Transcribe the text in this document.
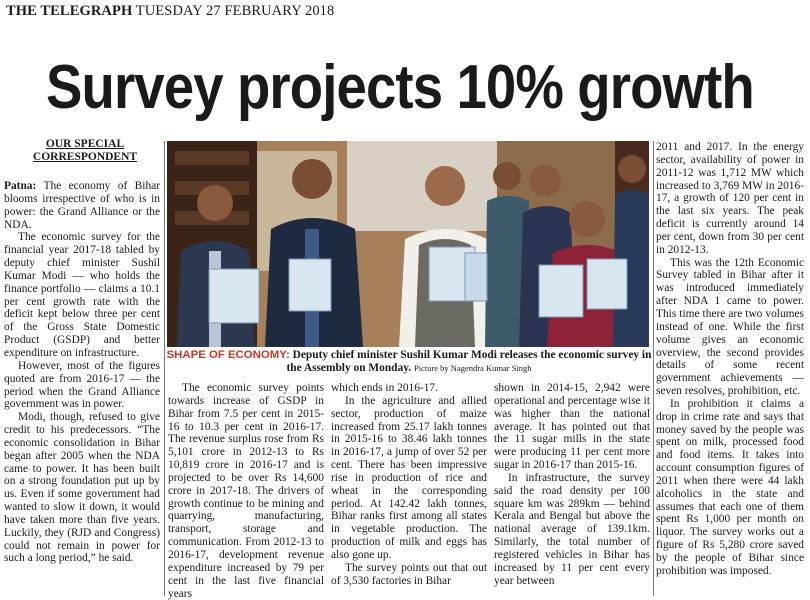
THE TELEGRAPH TUESDAY 27 FEBRUARY 2018
Survey projects 10% growth
OUR SPECIAL
CORRESPONDENT

Patna: The economy of Bihar blooms irrespective of who is in power: the Grand Alliance or the NDA.

The economic survey for the financial year 2017-18 tabled by deputy chief minister Sushil Kumar Modi — who holds the finance portfolio — claims a 10.1 per cent growth rate with the deficit kept below three per cent of the Gross State Domestic Product (GSDP) and better expenditure on infrastructure.

However, most of the figures quoted are from 2016-17 — the period when the Grand Alliance government was in power.

Modi, though, refused to give credit to his predecessors. “The economic consolidation in Bihar began after 2005 when the NDA came to power. It has been built on a strong foundation put up by us. Even if some government had wanted to slow it down, it would have taken more than five years. Luckily, they (RJD and Congress) could not remain in power for such a long period,” he said.

SHAPE OF ECONOMY: Deputy chief minister Sushil Kumar Modi releases the economic survey in the Assembly on Monday. Picture by Nagendra Kumar Singh

The economic survey points towards increase of GSDP in Bihar from 7.5 per cent in 2015-16 to 10.3 per cent in 2016-17. The revenue surplus rose from Rs 5,101 crore in 2012-13 to Rs 10,819 crore in 2016-17 and is projected to be over Rs 14,600 crore in 2017-18. The drivers of growth continue to be mining and quarrying, manufacturing, transport, storage and communication. From 2012-13 to 2016-17, development revenue expenditure increased by 79 per cent in the last five financial years

which ends in 2016-17.

In the agriculture and allied sector, production of maize increased from 25.17 lakh tonnes in 2015-16 to 38.46 lakh tonnes in 2016-17, a jump of over 52 per cent. There has been impressive rise in production of rice and wheat in the corresponding period. At 142.42 lakh tonnes, Bihar ranks first among all states in vegetable production. The production of milk and eggs has also gone up.

The survey points out that out of 3,530 factories in Bihar

shown in 2014-15, 2,942 were operational and percentage wise it was higher than the national average. It has pointed out that the 11 sugar mills in the state were producing 11 per cent more sugar in 2016-17 than 2015-16.

In infrastructure, the survey said the road density per 100 square km was 289km — behind Kerala and Bengal but above the national average of 139.1km. Similarly, the total number of registered vehicles in Bihar has increased by 11 per cent every year between

2011 and 2017. In the energy sector, availability of power in 2011-12 was 1,712 MW which increased to 3,769 MW in 2016-17, a growth of 120 per cent in the last six years. The peak deficit is currently around 14 per cent, down from 30 per cent in 2012-13.

This was the 12th Economic Survey tabled in Bihar after it was introduced immediately after NDA 1 came to power. This time there are two volumes instead of one. While the first volume gives an economic overview, the second provides details of some recent government achievements — seven resolves, prohibition, etc.

In prohibition it claims a drop in crime rate and says that money saved by the people was spent on milk, processed food and food items. It takes into account consumption figures of 2011 when there were 44 lakh alcoholics in the state and assumes that each one of them spent Rs 1,000 per month on liquor. The survey works out a figure of Rs 5,280 crore saved by the people of Bihar since prohibition was imposed.
